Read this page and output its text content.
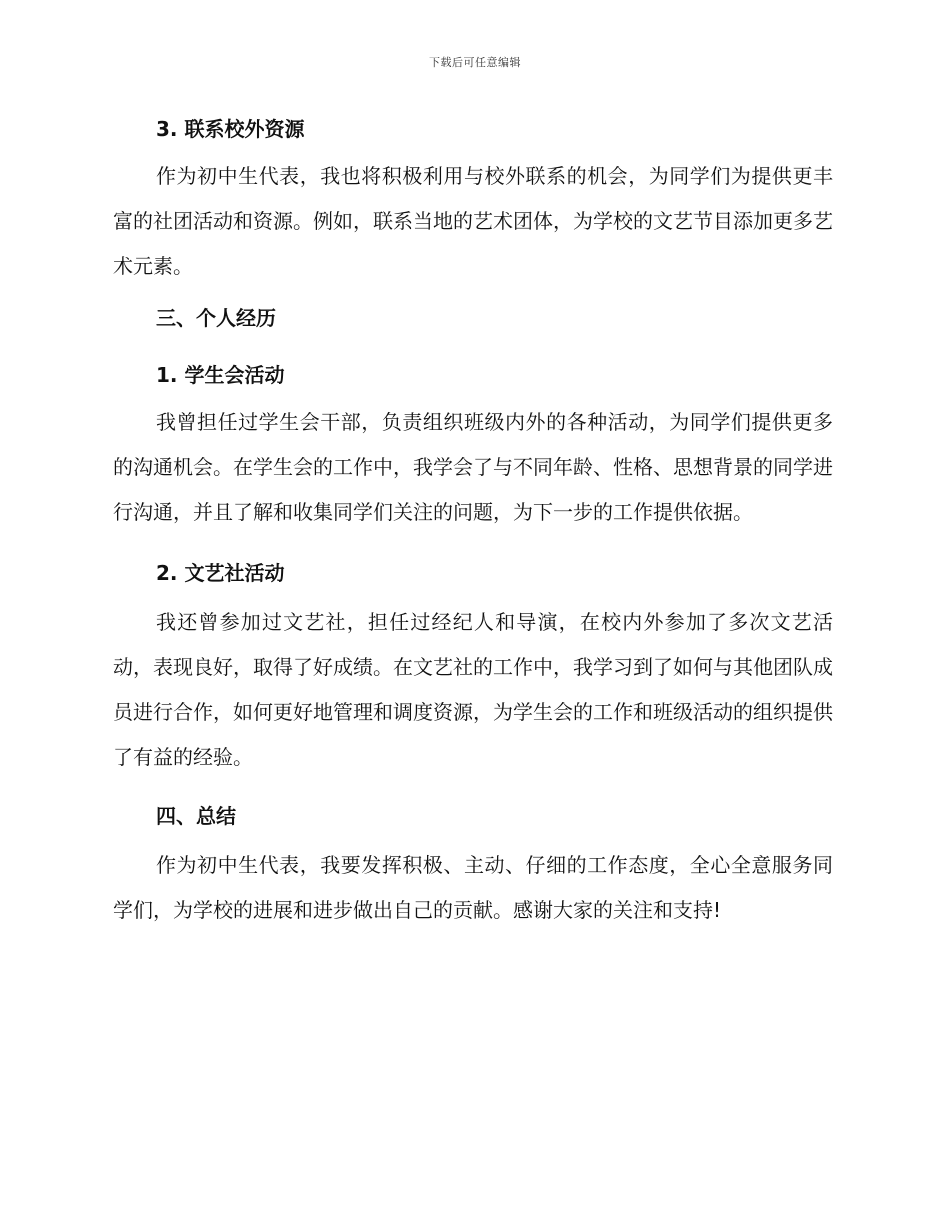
下载后可任意编辑
3. 联系校外资源

作为初中生代表，我也将积极利用与校外联系的机会，为同学们为提供更丰富的社团活动和资源。例如，联系当地的艺术团体，为学校的文艺节目添加更多艺术元素。

三、个人经历
1. 学生会活动

我曾担任过学生会干部，负责组织班级内外的各种活动，为同学们提供更多的沟通机会。在学生会的工作中，我学会了与不同年龄、性格、思想背景的同学进行沟通，并且了解和收集同学们关注的问题，为下一步的工作提供依据。

2. 文艺社活动

我还曾参加过文艺社，担任过经纪人和导演，在校内外参加了多次文艺活动，表现良好，取得了好成绩。在文艺社的工作中，我学习到了如何与其他团队成员进行合作，如何更好地管理和调度资源，为学生会的工作和班级活动的组织提供了有益的经验。

四、总结

作为初中生代表，我要发挥积极、主动、仔细的工作态度，全心全意服务同学们，为学校的进展和进步做出自己的贡献。感谢大家的关注和支持!
